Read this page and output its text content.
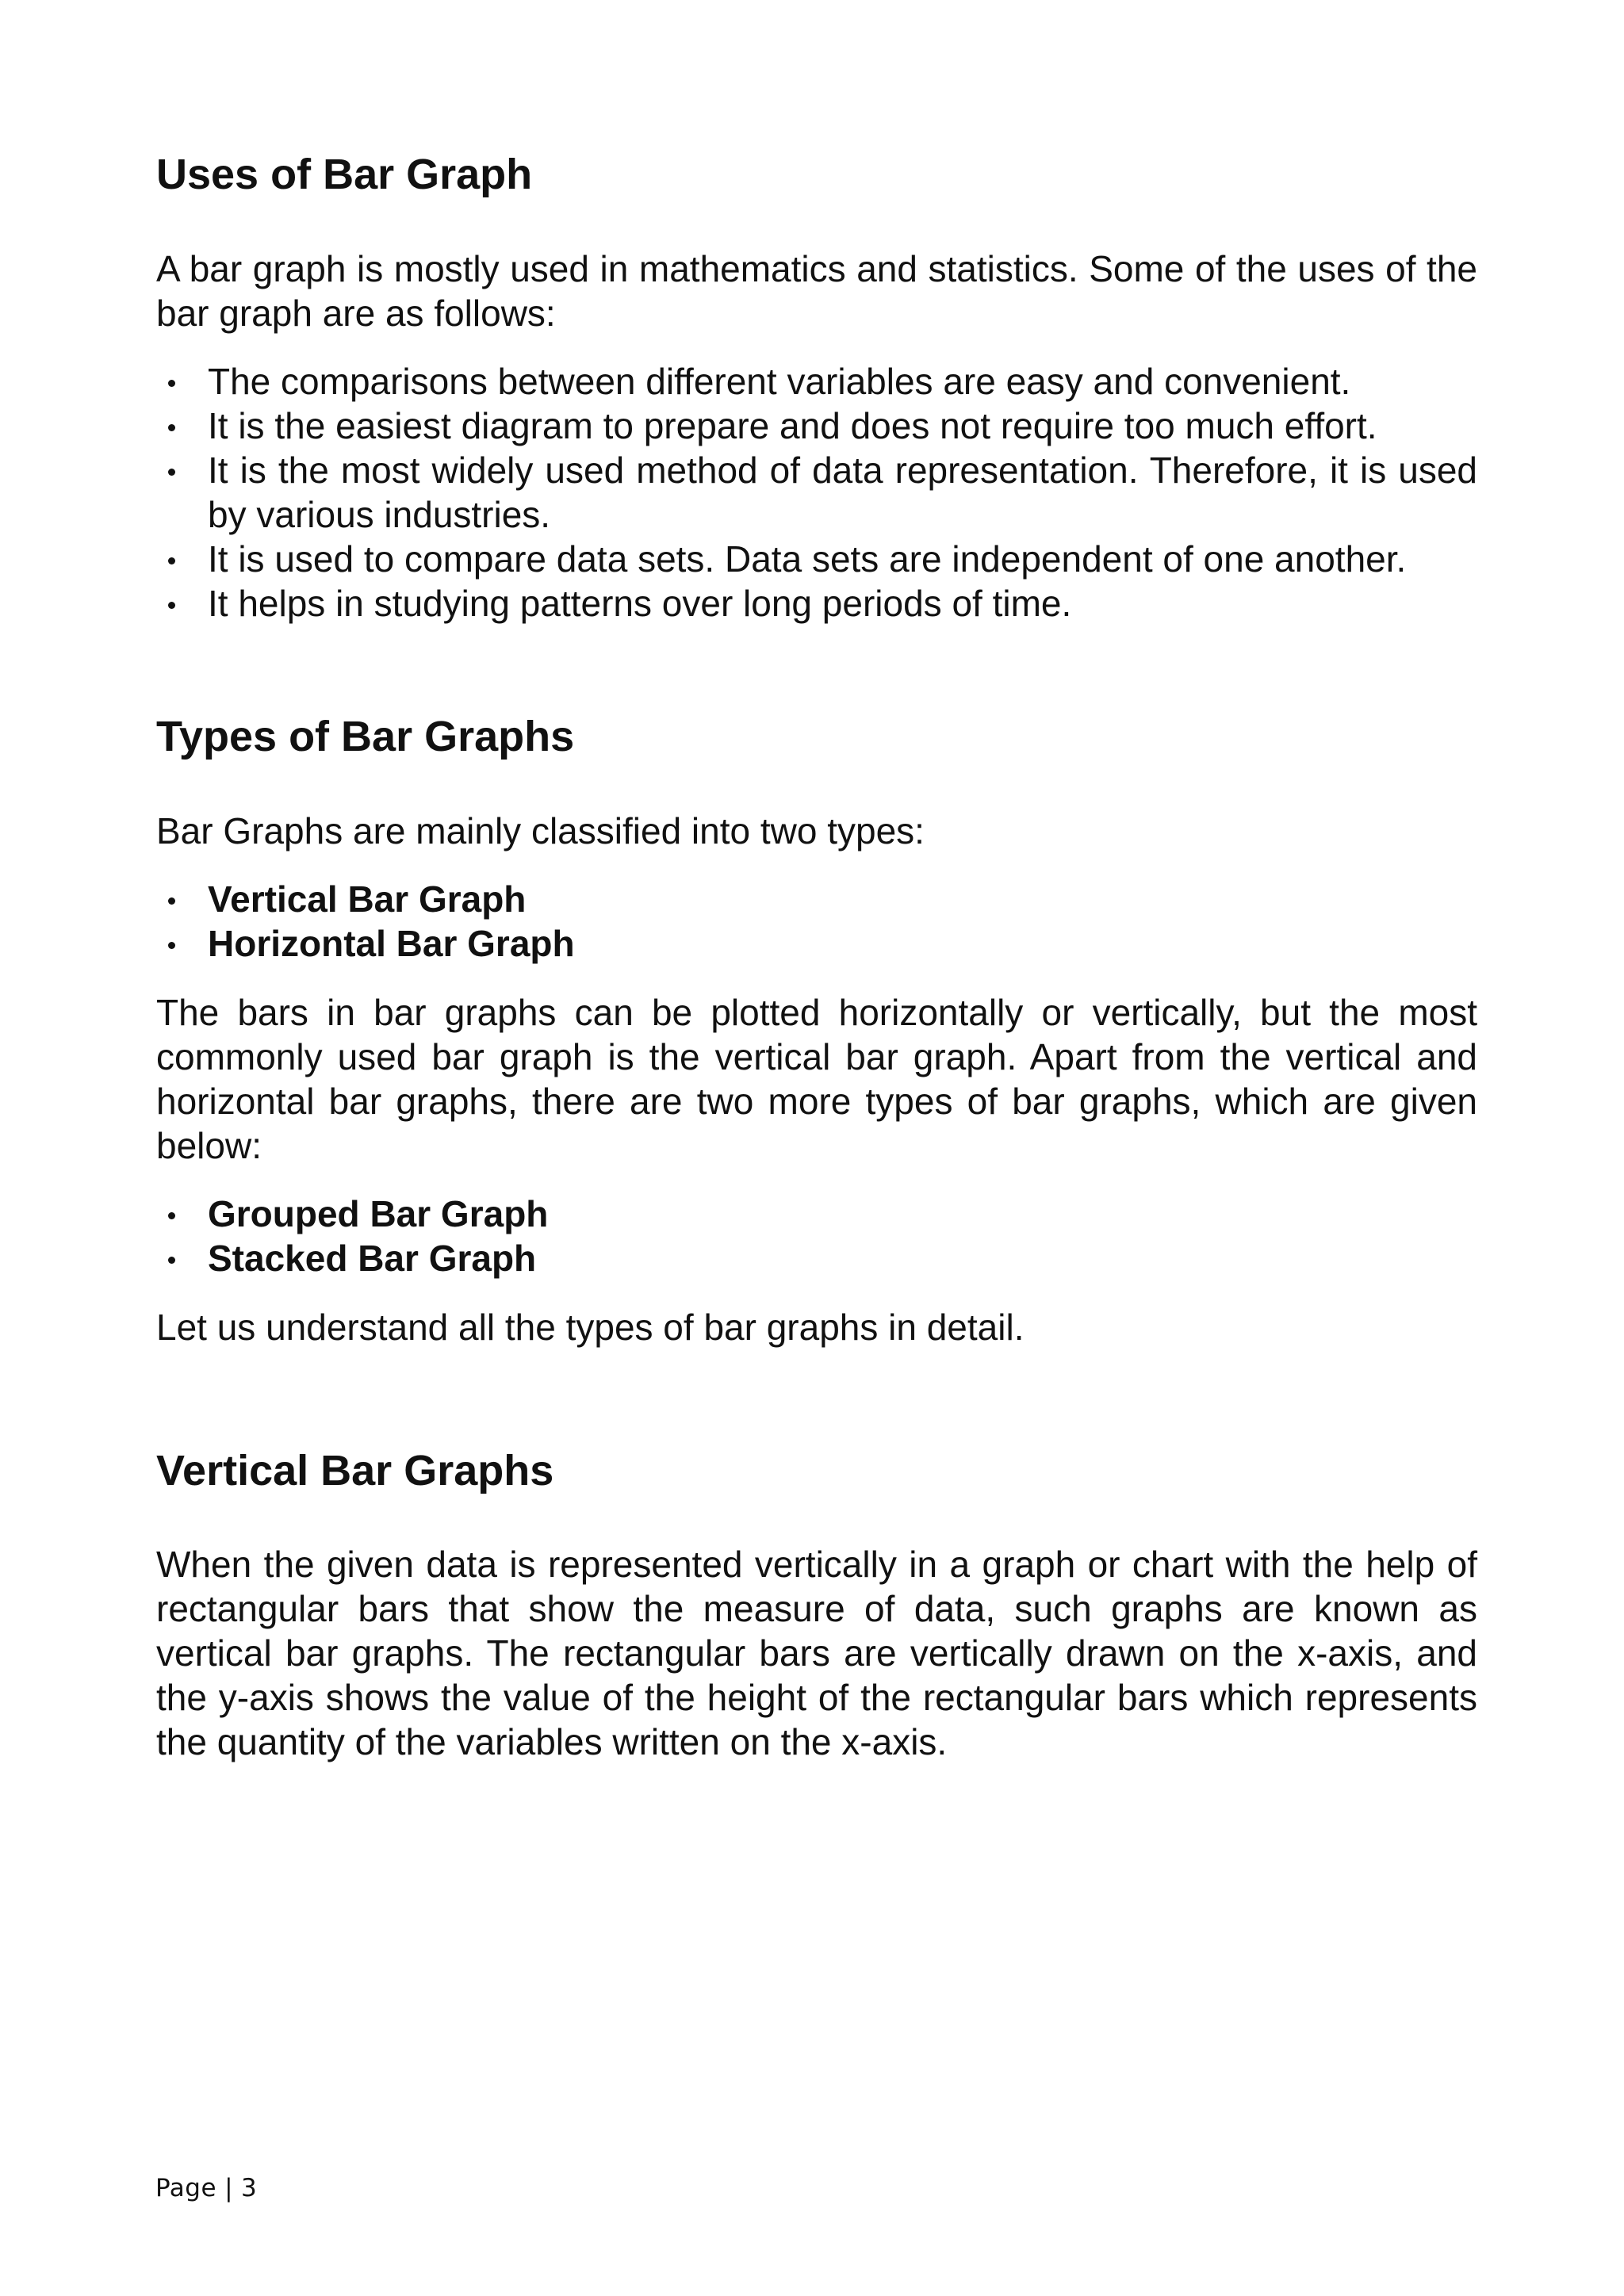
Uses of Bar Graph

A bar graph is mostly used in mathematics and statistics. Some of the uses of the bar graph are as follows:

The comparisons between different variables are easy and convenient.
It is the easiest diagram to prepare and does not require too much effort.
It is the most widely used method of data representation. Therefore, it is used by various industries.
It is used to compare data sets. Data sets are independent of one another.
It helps in studying patterns over long periods of time.
Types of Bar Graphs

Bar Graphs are mainly classified into two types:

Vertical Bar Graph
Horizontal Bar Graph

The bars in bar graphs can be plotted horizontally or vertically, but the most commonly used bar graph is the vertical bar graph. Apart from the vertical and horizontal bar graphs, there are two more types of bar graphs, which are given below:

Grouped Bar Graph
Stacked Bar Graph

Let us understand all the types of bar graphs in detail.

Vertical Bar Graphs

When the given data is represented vertically in a graph or chart with the help of rectangular bars that show the measure of data, such graphs are known as vertical bar graphs. The rectangular bars are vertically drawn on the x-axis, and the y-axis shows the value of the height of the rectangular bars which represents the quantity of the variables written on the x-axis.

Page | 3
